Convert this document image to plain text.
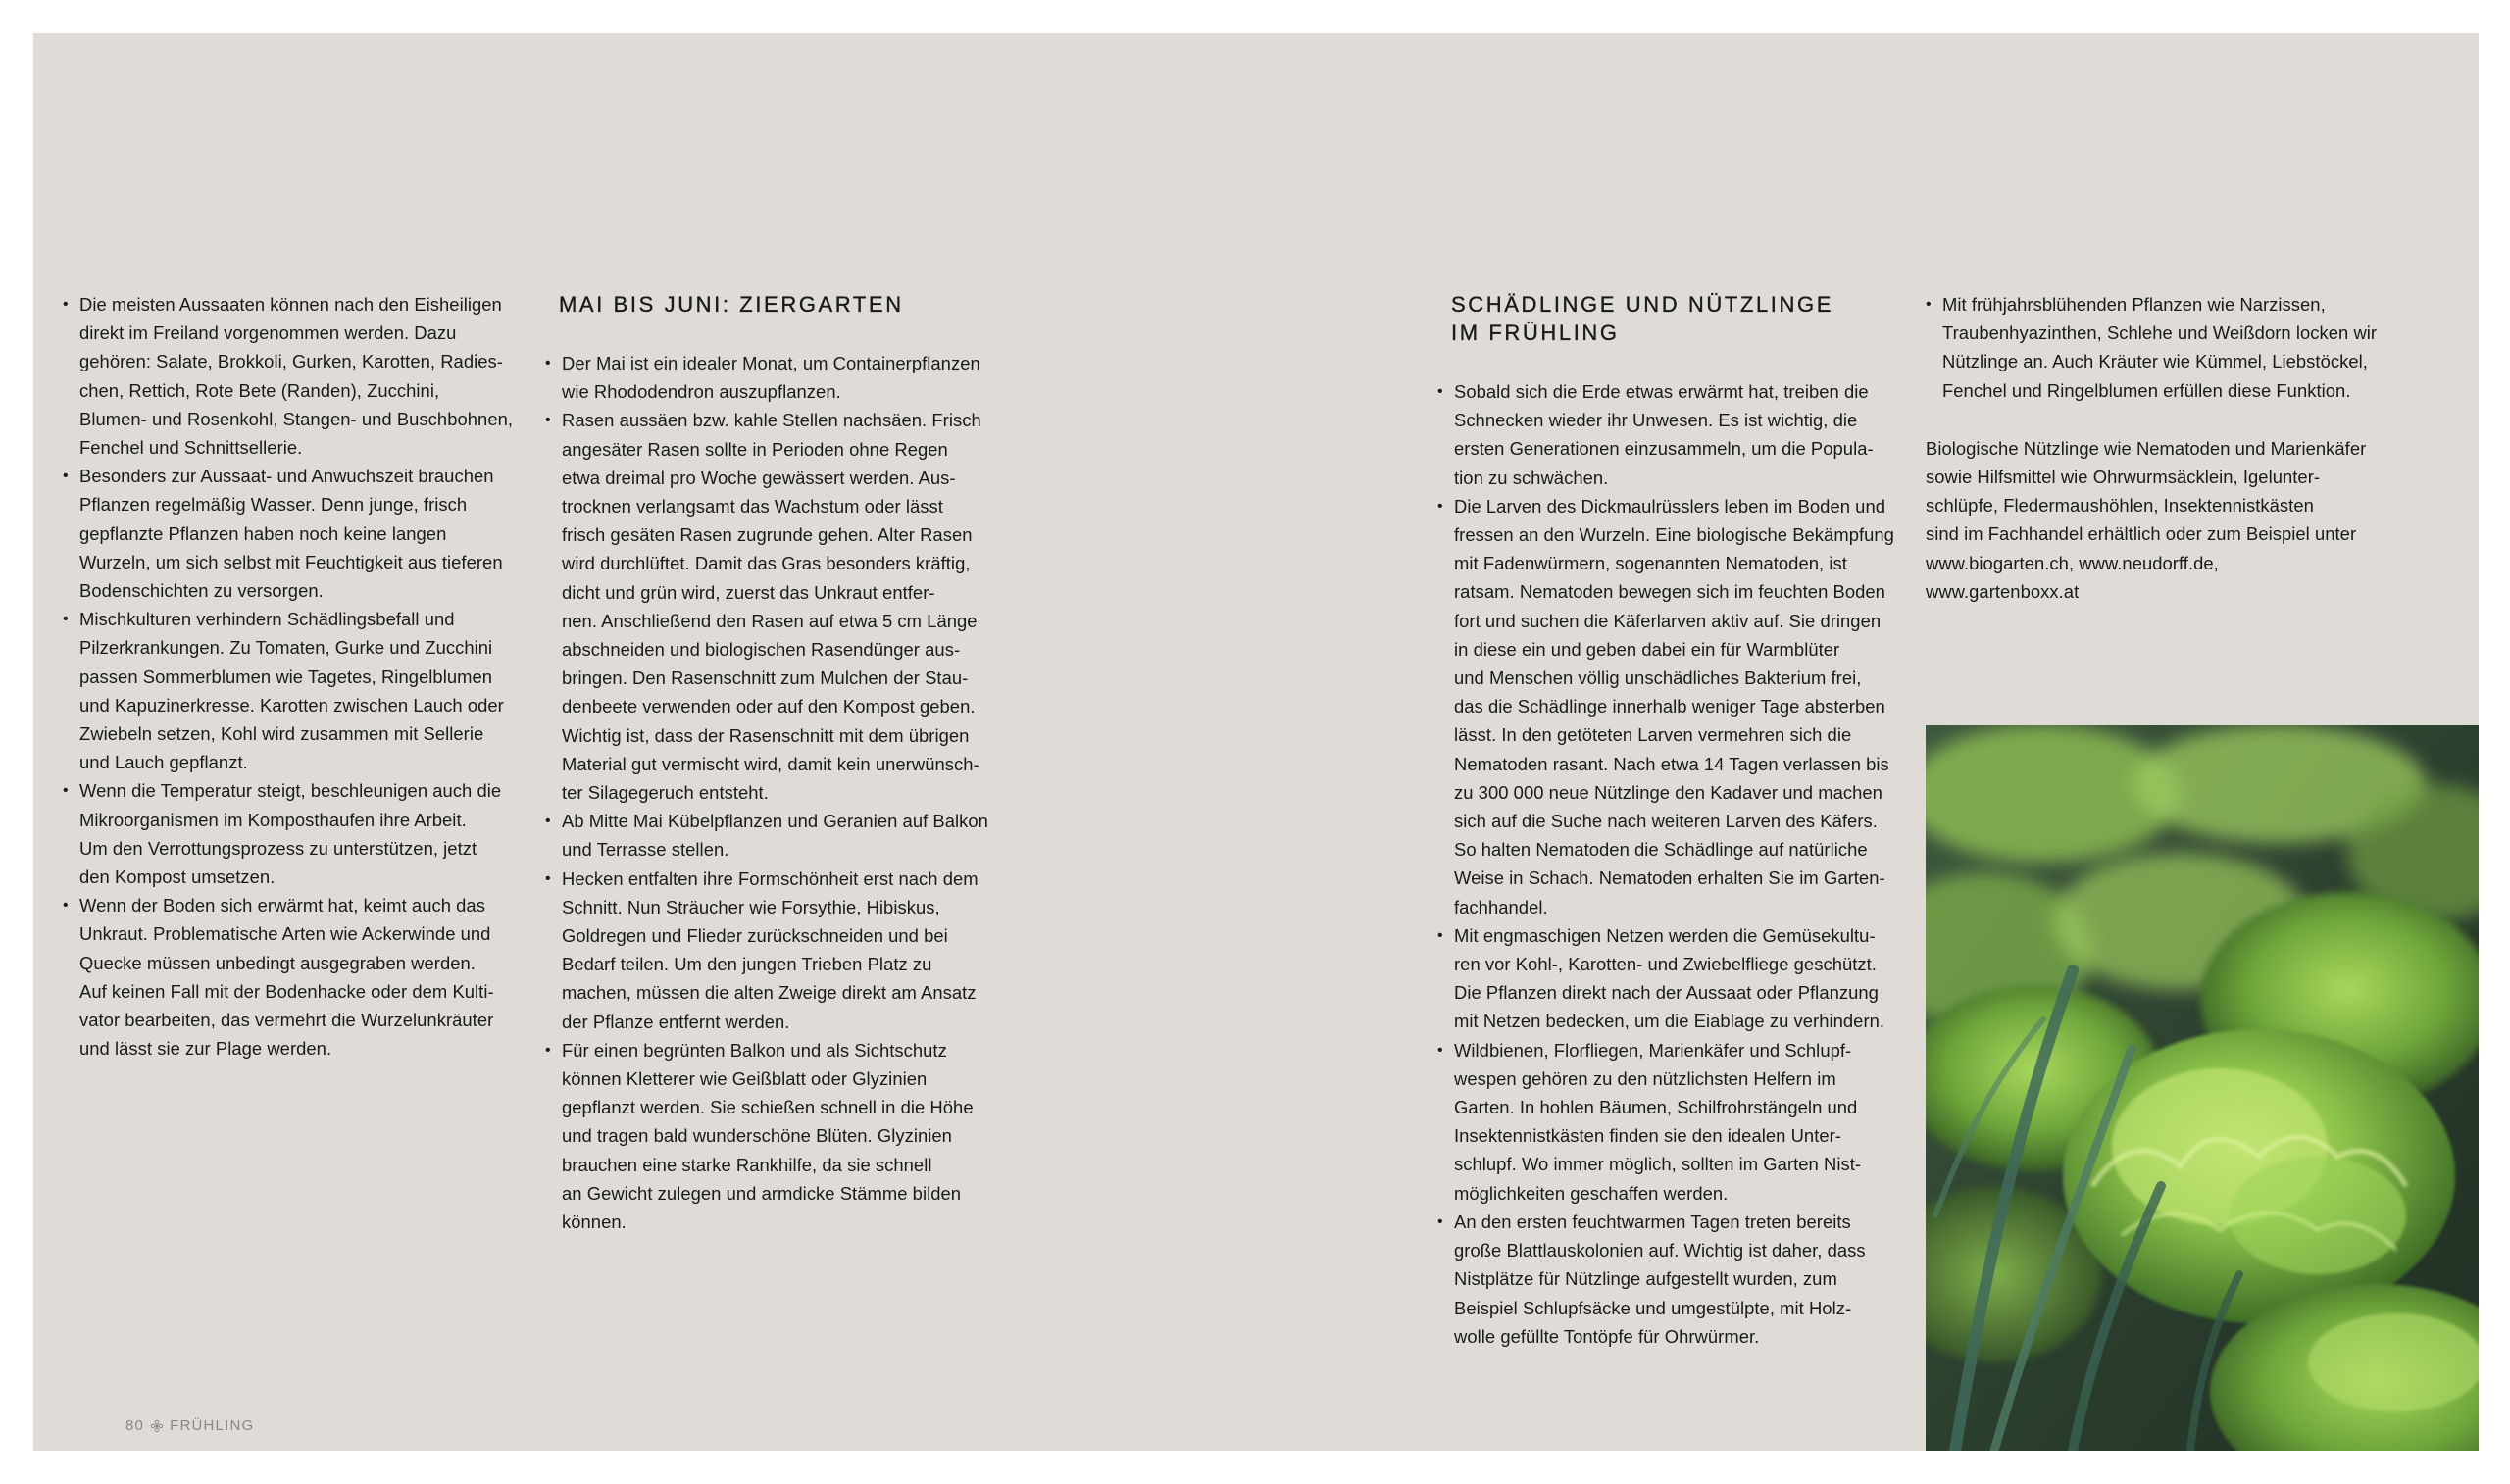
• Die meisten Aussaaten können nach den Eisheiligen
direkt im Freiland vorgenommen werden. Dazu
gehören: Salate, Brokkoli, Gurken, Karotten, Radies-
chen, Rettich, Rote Bete (Randen), Zucchini,
Blumen- und Rosenkohl, Stangen- und Buschbohnen,
Fenchel und Schnittsellerie.
• Besonders zur Aussaat- und Anwuchszeit brauchen
Pflanzen regelmäßig Wasser. Denn junge, frisch
gepflanzte Pflanzen haben noch keine langen
Wurzeln, um sich selbst mit Feuchtigkeit aus tieferen
Bodenschichten zu versorgen.
• Mischkulturen verhindern Schädlingsbefall und
Pilzerkrankungen. Zu Tomaten, Gurke und Zucchini
passen Sommerblumen wie Tagetes, Ringelblumen
und Kapuzinerkresse. Karotten zwischen Lauch oder
Zwiebeln setzen, Kohl wird zusammen mit Sellerie
und Lauch gepflanzt.
• Wenn die Temperatur steigt, beschleunigen auch die
Mikroorganismen im Komposthaufen ihre Arbeit.
Um den Verrottungsprozess zu unterstützen, jetzt
den Kompost umsetzen.
• Wenn der Boden sich erwärmt hat, keimt auch das
Unkraut. Problematische Arten wie Ackerwinde und
Quecke müssen unbedingt ausgegraben werden.
Auf keinen Fall mit der Bodenhacke oder dem Kulti-
vator bearbeiten, das vermehrt die Wurzelunkräuter
und lässt sie zur Plage werden.
MAI BIS JUNI: ZIERGARTEN
• Der Mai ist ein idealer Monat, um Containerpflanzen
wie Rhododendron auszupflanzen.
• Rasen aussäen bzw. kahle Stellen nachsäen. Frisch
angesäter Rasen sollte in Perioden ohne Regen
etwa dreimal pro Woche gewässert werden. Aus-
trocknen verlangsamt das Wachstum oder lässt
frisch gesäten Rasen zugrunde gehen. Alter Rasen
wird durchlüftet. Damit das Gras besonders kräftig,
dicht und grün wird, zuerst das Unkraut entfer-
nen. Anschließend den Rasen auf etwa 5 cm Länge
abschneiden und biologischen Rasendünger aus-
bringen. Den Rasenschnitt zum Mulchen der Stau-
denbeete verwenden oder auf den Kompost geben.
Wichtig ist, dass der Rasenschnitt mit dem übrigen
Material gut vermischt wird, damit kein unerwünsch-
ter Silagegeruch entsteht.
• Ab Mitte Mai Kübelpflanzen und Geranien auf Balkon
und Terrasse stellen.
• Hecken entfalten ihre Formschönheit erst nach dem
Schnitt. Nun Sträucher wie Forsythie, Hibiskus,
Goldregen und Flieder zurückschneiden und bei
Bedarf teilen. Um den jungen Trieben Platz zu
machen, müssen die alten Zweige direkt am Ansatz
der Pflanze entfernt werden.
• Für einen begrünten Balkon und als Sichtschutz
können Kletterer wie Geißblatt oder Glyzinien
gepflanzt werden. Sie schießen schnell in die Höhe
und tragen bald wunderschöne Blüten. Glyzinien
brauchen eine starke Rankhilfe, da sie schnell
an Gewicht zulegen und armdicke Stämme bilden
können.
SCHÄDLINGE UND NÜTZLINGE
IM FRÜHLING
• Sobald sich die Erde etwas erwärmt hat, treiben die
Schnecken wieder ihr Unwesen. Es ist wichtig, die
ersten Generationen einzusammeln, um die Popula-
tion zu schwächen.
• Die Larven des Dickmaulrüsslers leben im Boden und
fressen an den Wurzeln. Eine biologische Bekämpfung
mit Fadenwürmern, sogenannten Nematoden, ist
ratsam. Nematoden bewegen sich im feuchten Boden
fort und suchen die Käferlarven aktiv auf. Sie dringen
in diese ein und geben dabei ein für Warmblüter
und Menschen völlig unschädliches Bakterium frei,
das die Schädlinge innerhalb weniger Tage absterben
lässt. In den getöteten Larven vermehren sich die
Nematoden rasant. Nach etwa 14 Tagen verlassen bis
zu 300 000 neue Nützlinge den Kadaver und machen
sich auf die Suche nach weiteren Larven des Käfers.
So halten Nematoden die Schädlinge auf natürliche
Weise in Schach. Nematoden erhalten Sie im Garten-
fachhandel.
• Mit engmaschigen Netzen werden die Gemüsekultu-
ren vor Kohl-, Karotten- und Zwiebelfliege geschützt.
Die Pflanzen direkt nach der Aussaat oder Pflanzung
mit Netzen bedecken, um die Eiablage zu verhindern.
• Wildbienen, Florfliegen, Marienkäfer und Schlupf-
wespen gehören zu den nützlichsten Helfern im
Garten. In hohlen Bäumen, Schilfrohrstängeln und
Insektennistkästen finden sie den idealen Unter-
schlupf. Wo immer möglich, sollten im Garten Nist-
möglichkeiten geschaffen werden.
• An den ersten feuchtwarmen Tagen treten bereits
große Blattlauskolonien auf. Wichtig ist daher, dass
Nistplätze für Nützlinge aufgestellt wurden, zum
Beispiel Schlupfsäcke und umgestülpte, mit Holz-
wolle gefüllte Tontöpfe für Ohrwürmer.
• Mit frühjahrsblühenden Pflanzen wie Narzissen,
Traubenhyazinthen, Schlehe und Weißdorn locken wir
Nützlinge an. Auch Kräuter wie Kümmel, Liebstöckel,
Fenchel und Ringelblumen erfüllen diese Funktion.

Biologische Nützlinge wie Nematoden und Marienkäfer
sowie Hilfsmittel wie Ohrwurmsäcklein, Igelunter-
schlüpfe, Fledermaushöhlen, Insektennistkästen
sind im Fachhandel erhältlich oder zum Beispiel unter
www.biogarten.ch, www.neudorff.de,
www.gartenboxx.at

80 FRÜHLING
